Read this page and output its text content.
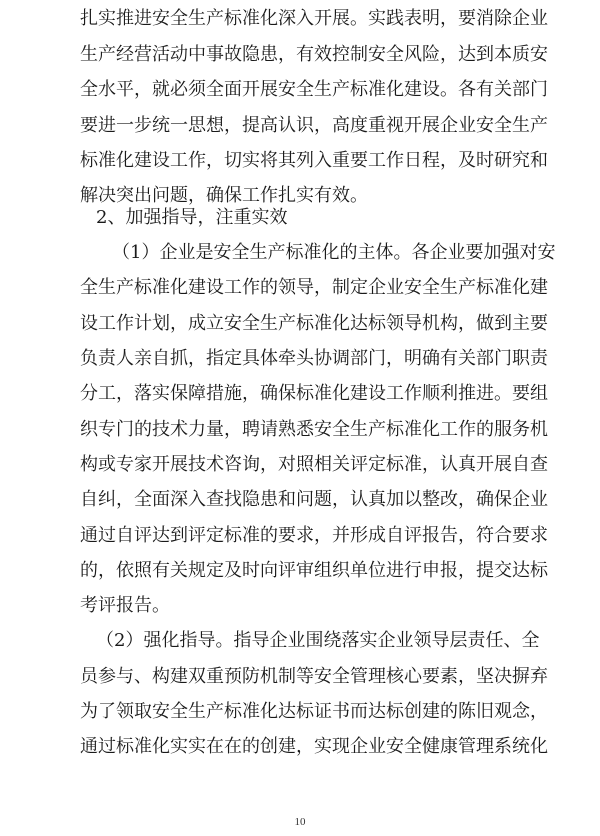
扎实推进安全生产标准化深入开展。实践表明，要消除企业
生产经营活动中事故隐患，有效控制安全风险，达到本质安
全水平，就必须全面开展安全生产标准化建设。各有关部门
要进一步统一思想，提高认识，高度重视开展企业安全生产
标准化建设工作，切实将其列入重要工作日程，及时研究和
解决突出问题，确保工作扎实有效。
2、加强指导，注重实效
（1）企业是安全生产标准化的主体。各企业要加强对安
全生产标准化建设工作的领导，制定企业安全生产标准化建
设工作计划，成立安全生产标准化达标领导机构，做到主要
负责人亲自抓，指定具体牵头协调部门，明确有关部门职责
分工，落实保障措施，确保标准化建设工作顺利推进。要组
织专门的技术力量，聘请熟悉安全生产标准化工作的服务机
构或专家开展技术咨询，对照相关评定标准，认真开展自查
自纠，全面深入查找隐患和问题，认真加以整改，确保企业
通过自评达到评定标准的要求，并形成自评报告，符合要求
的，依照有关规定及时向评审组织单位进行申报，提交达标
考评报告。
（2）强化指导。指导企业围绕落实企业领导层责任、全
员参与、构建双重预防机制等安全管理核心要素，坚决摒弃
为了领取安全生产标准化达标证书而达标创建的陈旧观念，
通过标准化实实在在的创建，实现企业安全健康管理系统化
10
